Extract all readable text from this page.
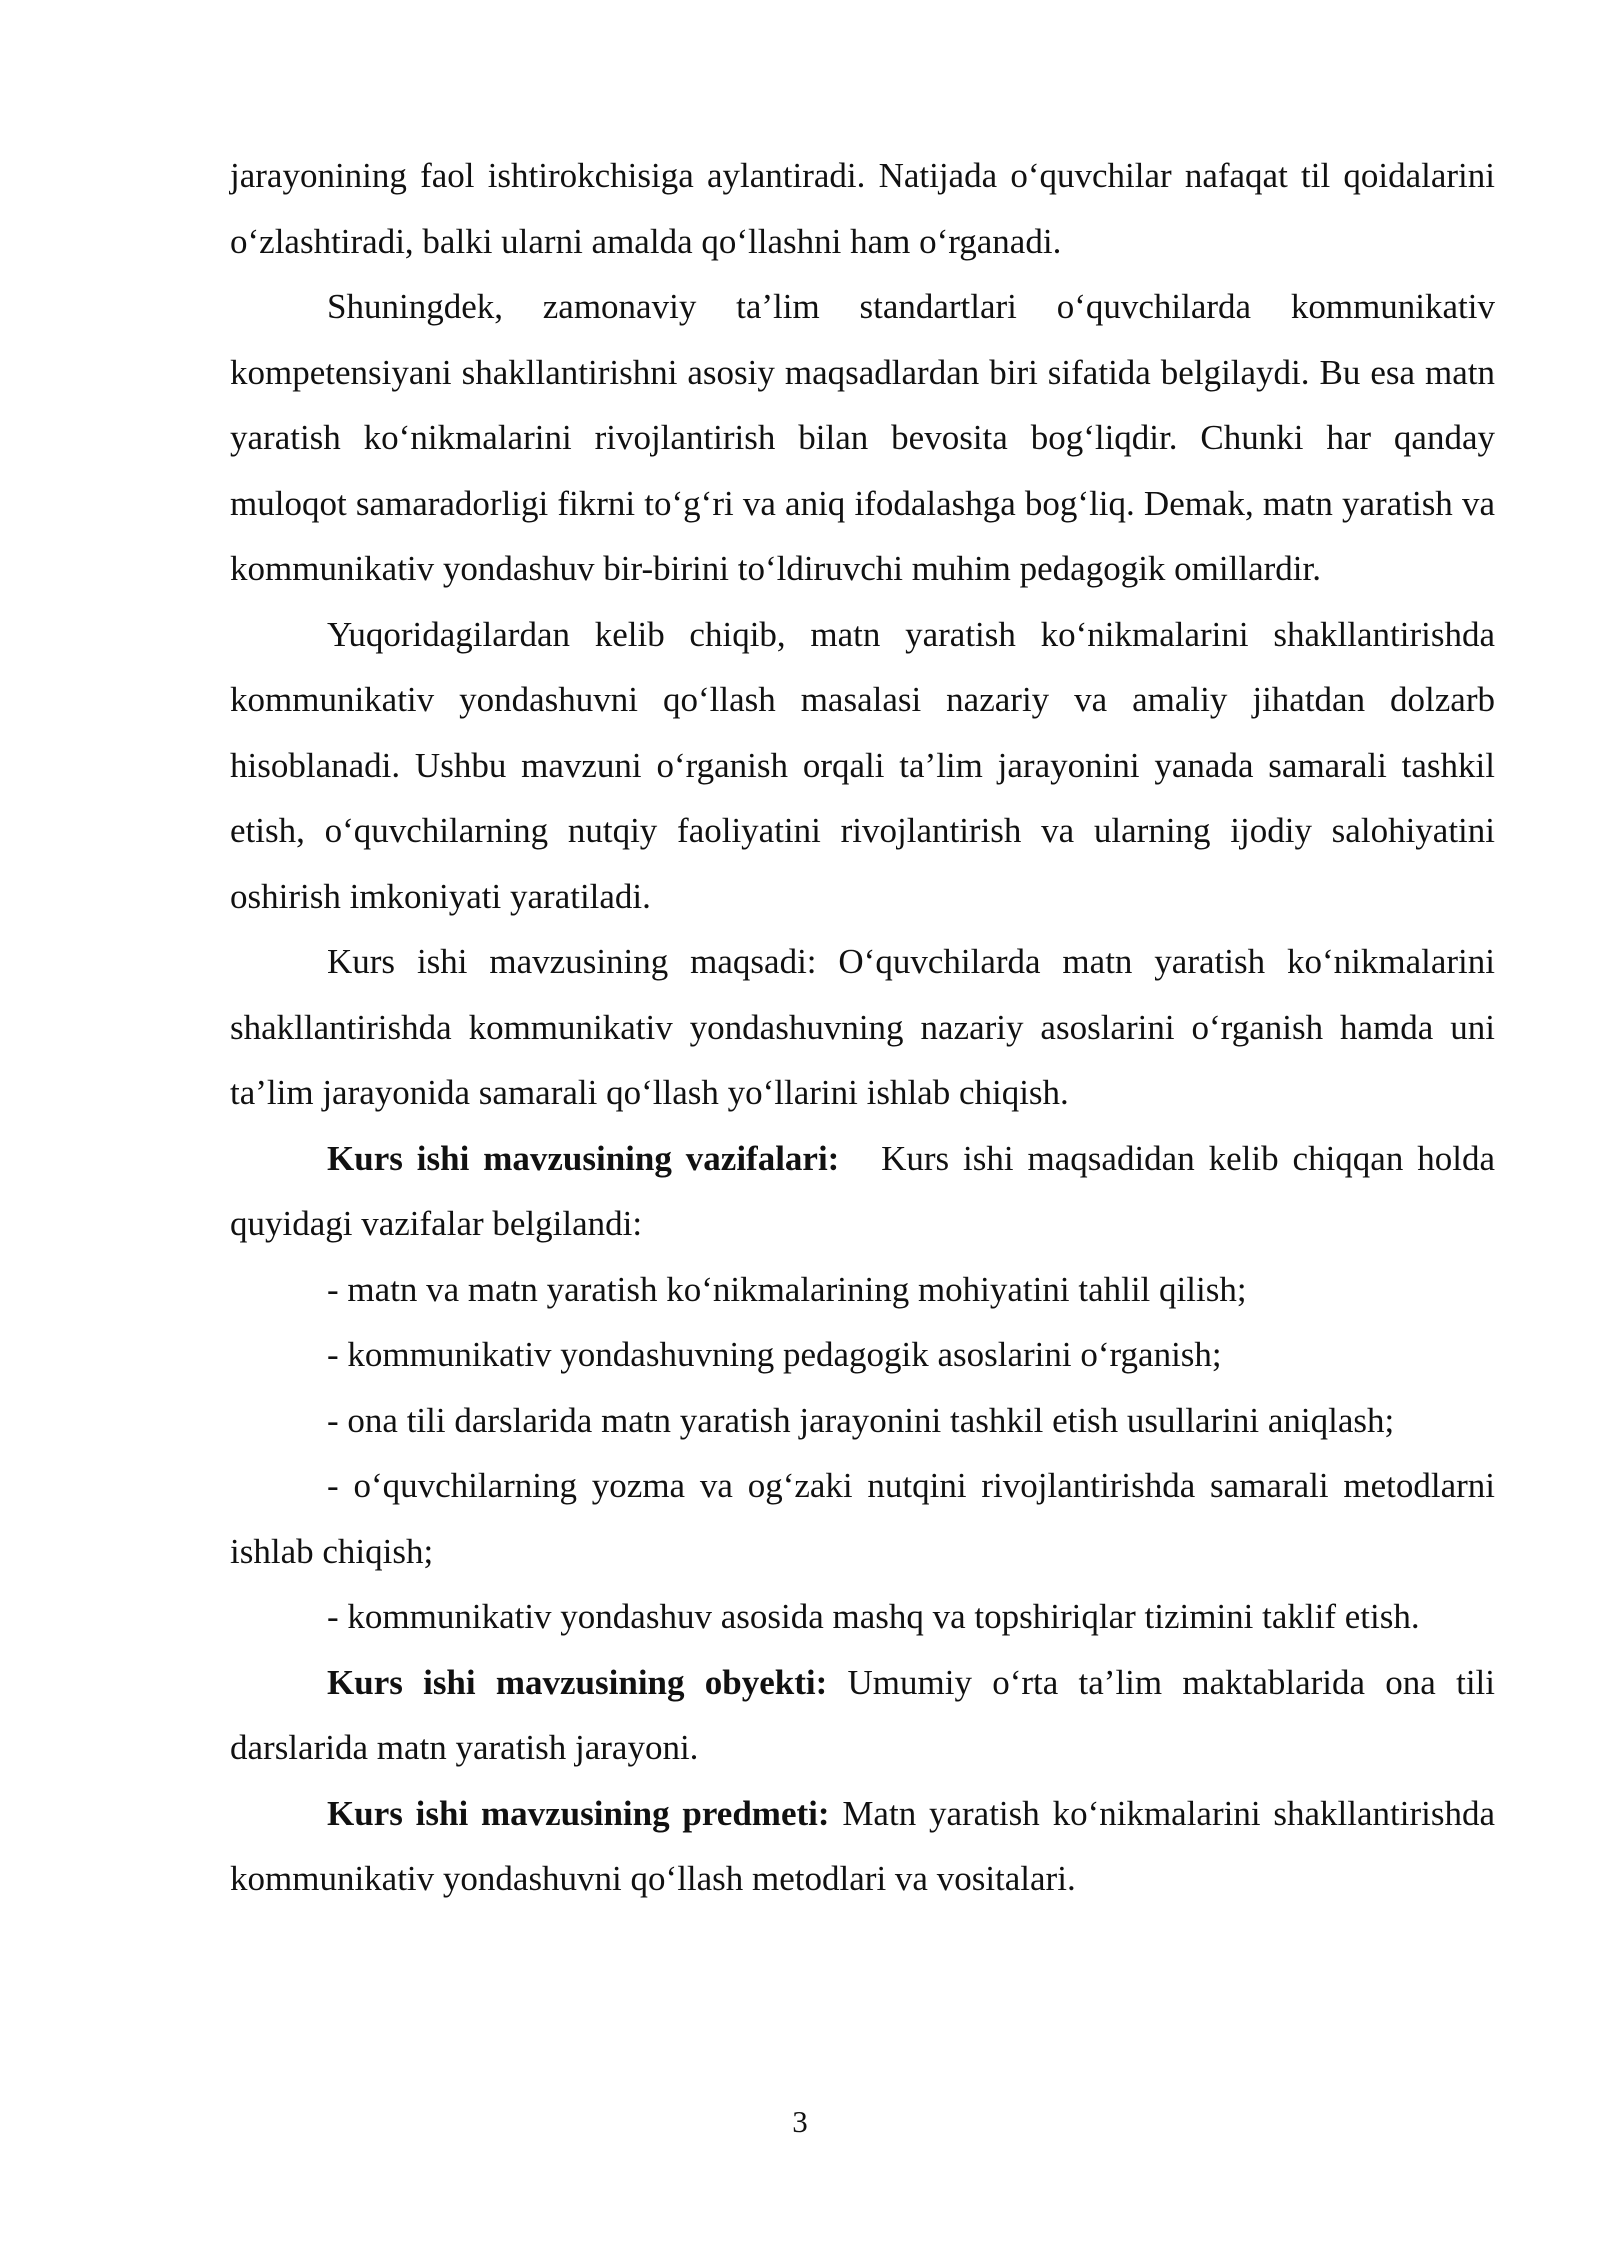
jarayonining faol ishtirokchisiga aylantiradi. Natijada o‘quvchilar nafaqat til qoidalarini o‘zlashtiradi, balki ularni amalda qo‘llashni ham o‘rganadi.

Shuningdek, zamonaviy ta’lim standartlari o‘quvchilarda kommunikativ kompetensiyani shakllantirishni asosiy maqsadlardan biri sifatida belgilaydi. Bu esa matn yaratish ko‘nikmalarini rivojlantirish bilan bevosita bog‘liqdir. Chunki har qanday muloqot samaradorligi fikrni to‘g‘ri va aniq ifodalashga bog‘liq. Demak, matn yaratish va kommunikativ yondashuv bir-birini to‘ldiruvchi muhim pedagogik omillardir.

Yuqoridagilardan kelib chiqib, matn yaratish ko‘nikmalarini shakllantirishda kommunikativ yondashuvni qo‘llash masalasi nazariy va amaliy jihatdan dolzarb hisoblanadi. Ushbu mavzuni o‘rganish orqali ta’lim jarayonini yanada samarali tashkil etish, o‘quvchilarning nutqiy faoliyatini rivojlantirish va ularning ijodiy salohiyatini oshirish imkoniyati yaratiladi.

Kurs ishi mavzusining maqsadi: O‘quvchilarda matn yaratish ko‘nikmalarini shakllantirishda kommunikativ yondashuvning nazariy asoslarini o‘rganish hamda uni ta’lim jarayonida samarali qo‘llash yo‘llarini ishlab chiqish.

Kurs ishi mavzusining vazifalari: Kurs ishi maqsadidan kelib chiqqan holda quyidagi vazifalar belgilandi:

- matn va matn yaratish ko‘nikmalarining mohiyatini tahlil qilish;

- kommunikativ yondashuvning pedagogik asoslarini o‘rganish;

- ona tili darslarida matn yaratish jarayonini tashkil etish usullarini aniqlash;

- o‘quvchilarning yozma va og‘zaki nutqini rivojlantirishda samarali metodlarni ishlab chiqish;

- kommunikativ yondashuv asosida mashq va topshiriqlar tizimini taklif etish.

Kurs ishi mavzusining obyekti: Umumiy o‘rta ta’lim maktablarida ona tili darslarida matn yaratish jarayoni.

Kurs ishi mavzusining predmeti: Matn yaratish ko‘nikmalarini shakllantirishda kommunikativ yondashuvni qo‘llash metodlari va vositalari.

3
